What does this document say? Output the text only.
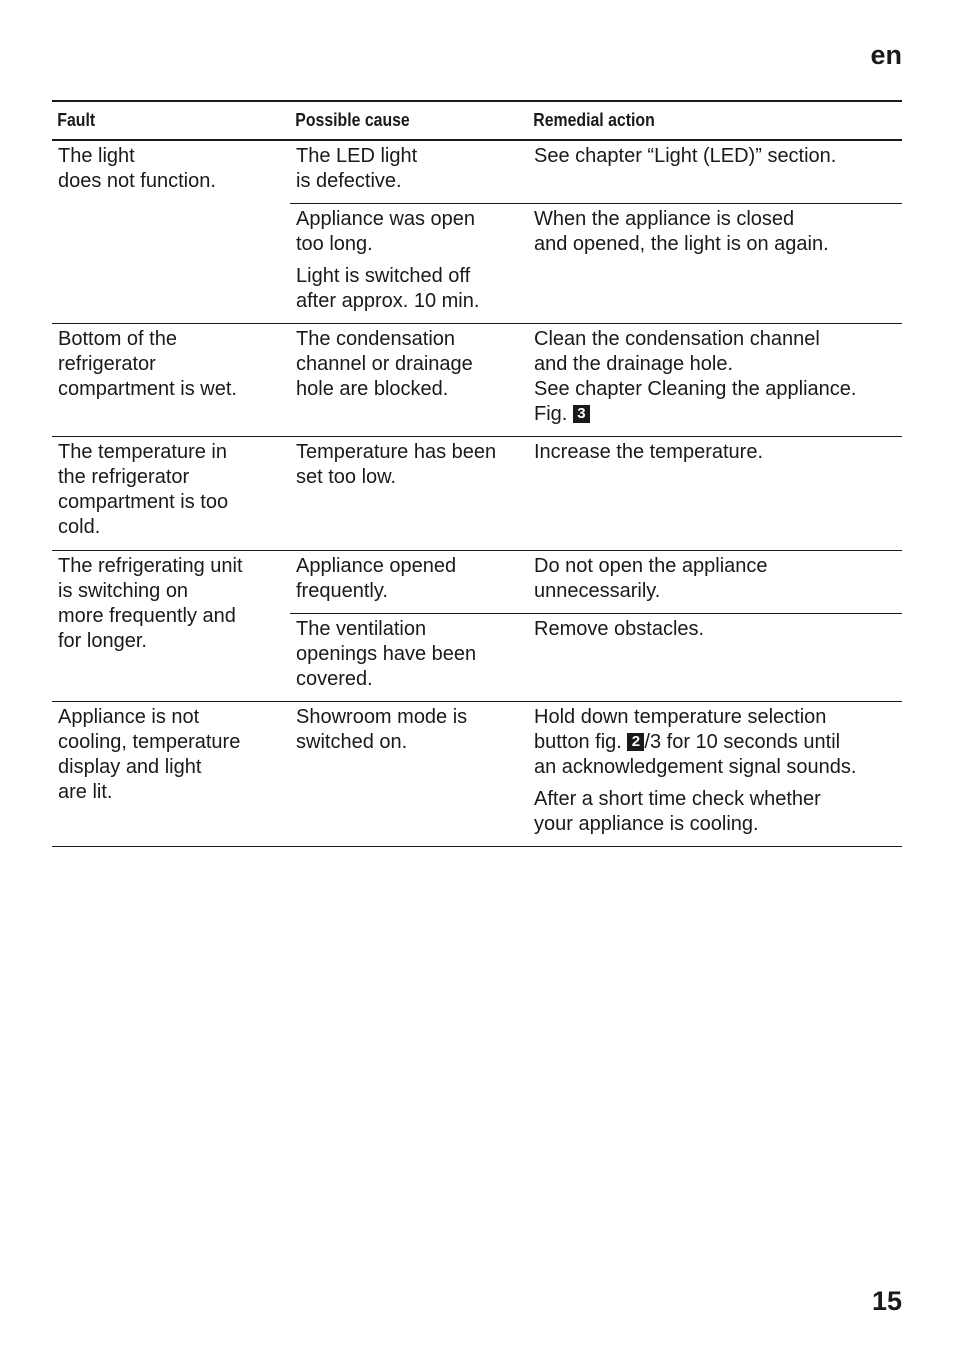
en
Fault	Possible cause	Remedial action
The light
does not function.
The LED light
is defective.
See chapter “Light (LED)” section.
Appliance was open
too long.
Light is switched off
after approx. 10 min.
When the appliance is closed
and opened, the light is on again.
Bottom of the
refrigerator
compartment is wet.
The condensation
channel or drainage
hole are blocked.
Clean the condensation channel
and the drainage hole.
See chapter Cleaning the appliance.
Fig. 3
The temperature in
the refrigerator
compartment is too
cold.
Temperature has been
set too low.
Increase the temperature.
The refrigerating unit
is switching on
more frequently and
for longer.
Appliance opened
frequently.
Do not open the appliance
unnecessarily.
The ventilation
openings have been
covered.
Remove obstacles.
Appliance is not
cooling, temperature
display and light
are lit.
Showroom mode is
switched on.
Hold down temperature selection
button fig. 2 /3 for 10 seconds until
an acknowledgement signal sounds.
After a short time check whether
your appliance is cooling.
15
